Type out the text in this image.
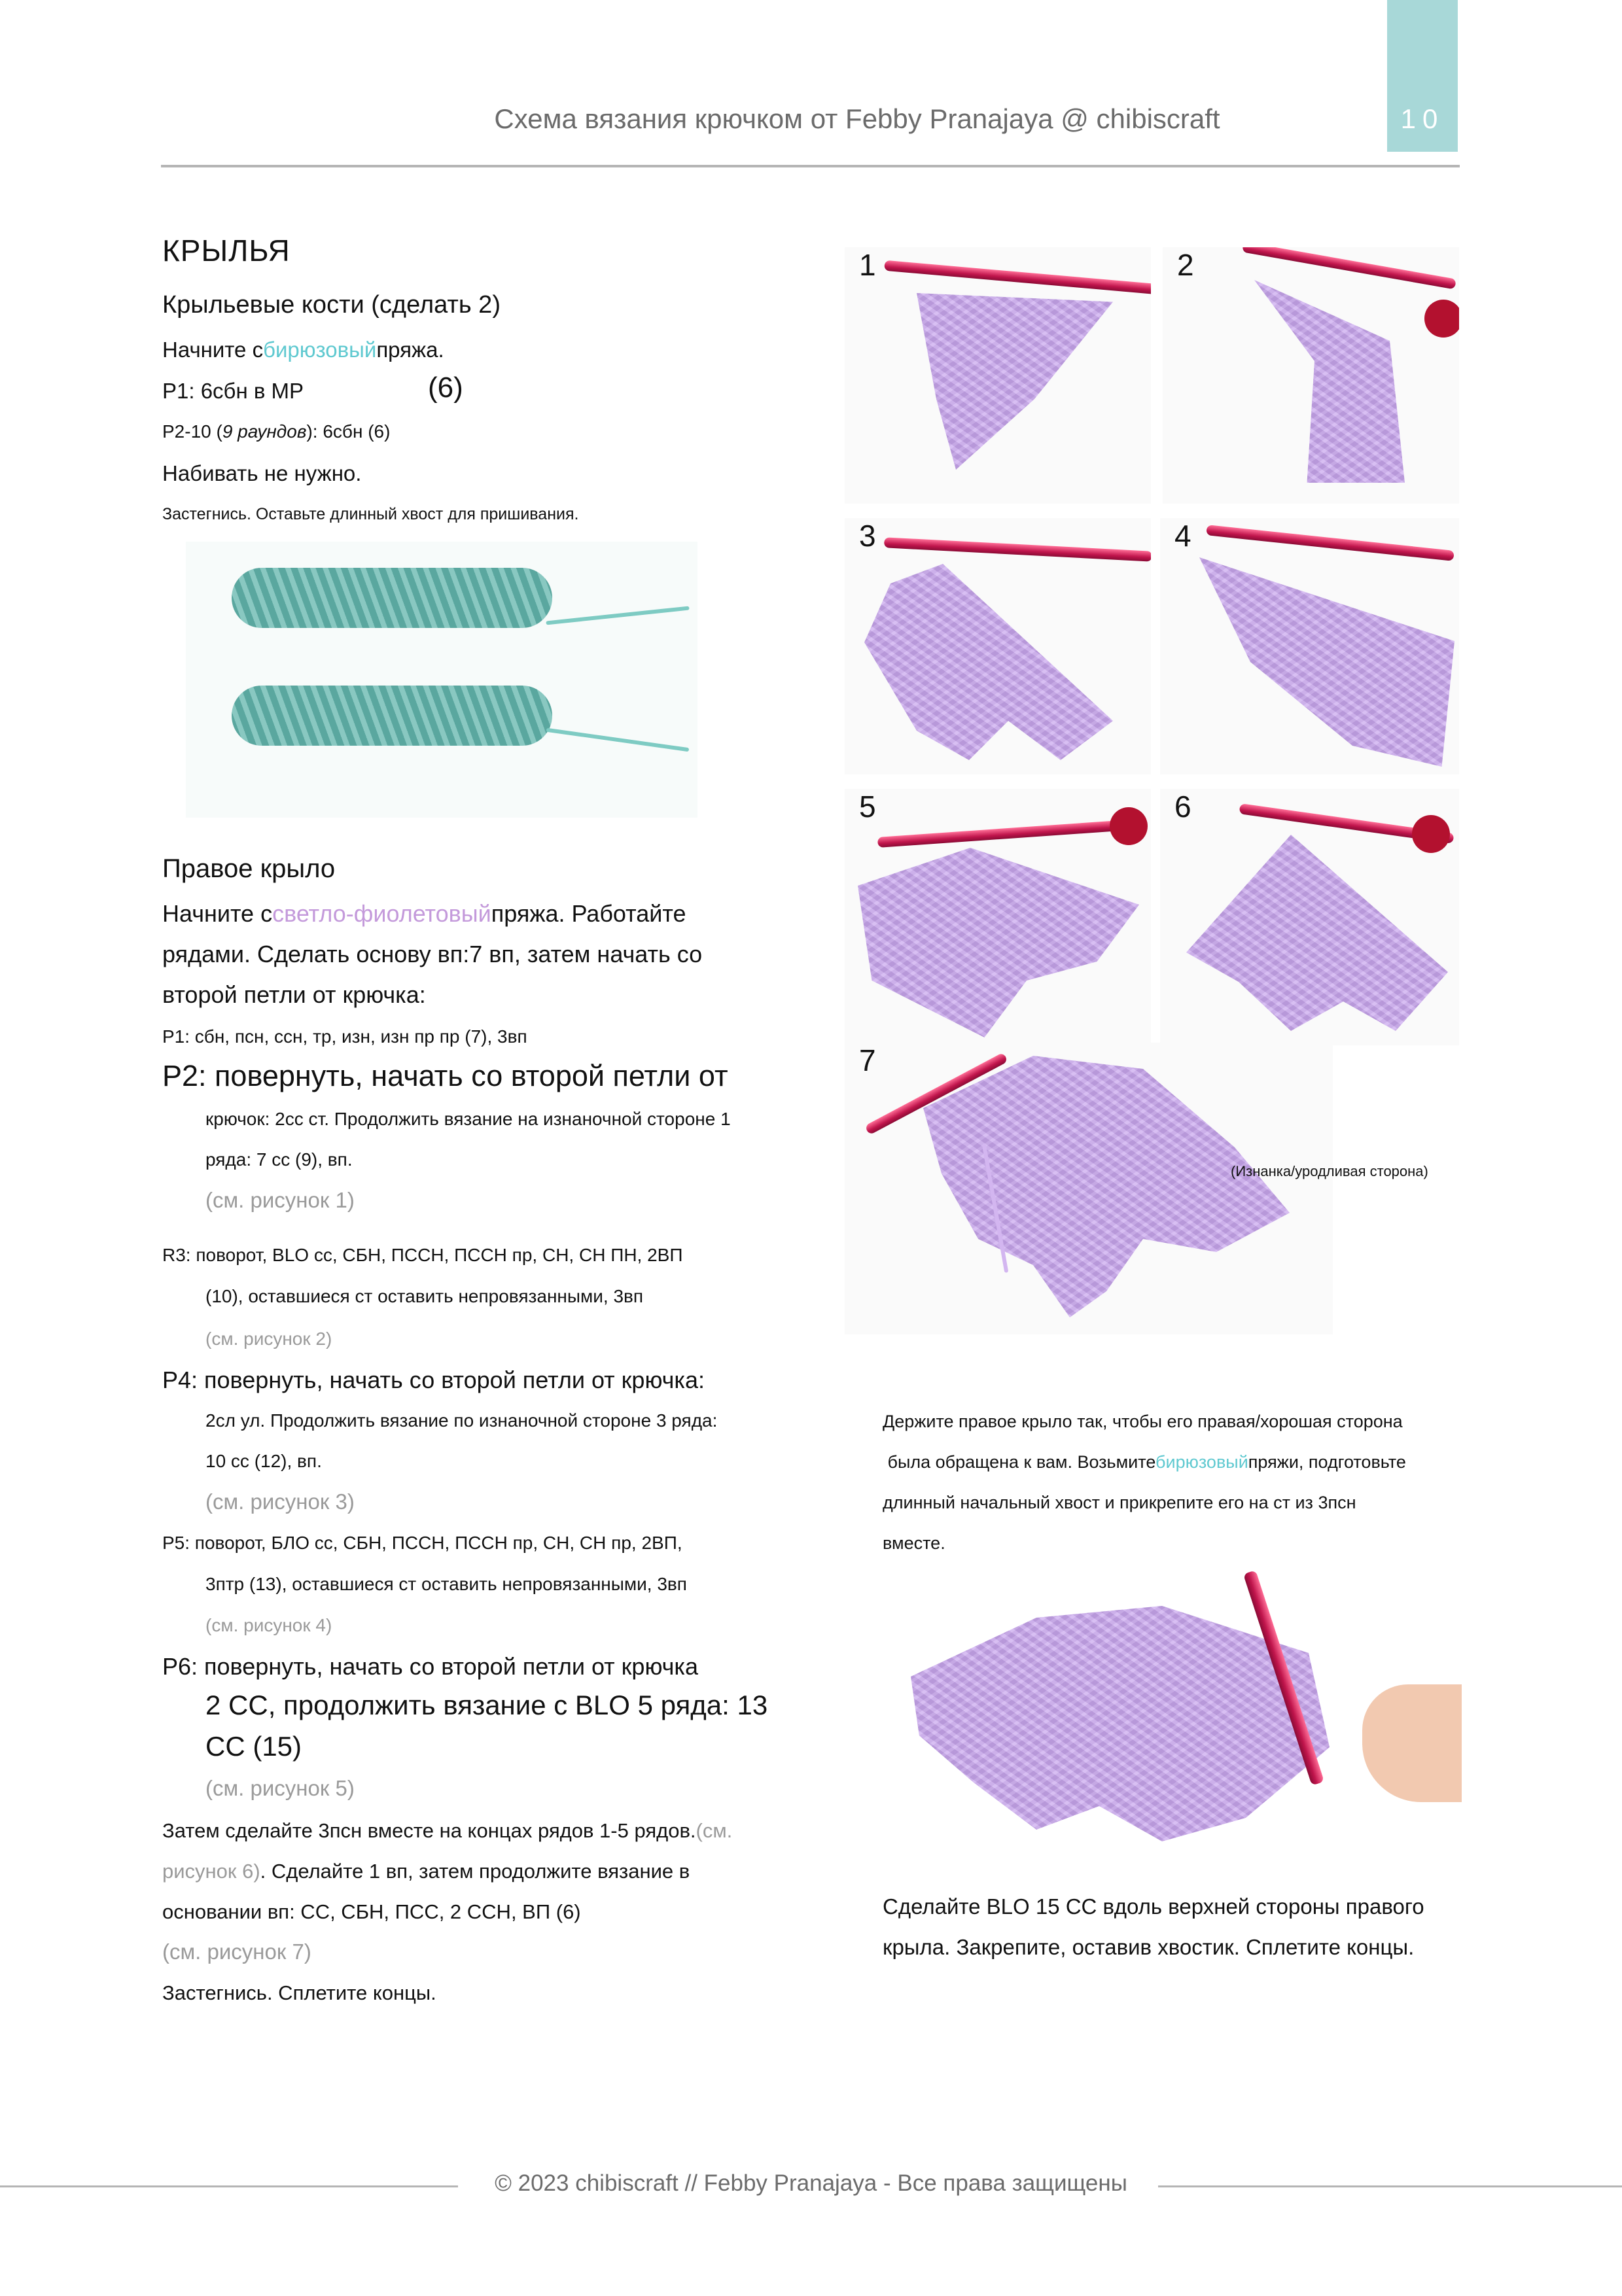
10
Схема вязания крючком от Febby Pranajaya @ chibiscraft
КРЫЛЬЯ
Крыльевые кости (сделать 2)
Начните сбирюзовыйпряжа.
Р1: 6сбн в МР	(6)
Р2-10 (9 раундов): 6сбн (6)
Набивать не нужно.
Застегнись. Оставьте длинный хвост для пришивания.
Правое крыло
Начните ссветло-фиолетовыйпряжа. Работайте
рядами. Сделать основу вп:7 вп, затем начать со
второй петли от крючка:
Р1: сбн, псн, ссн, тр, изн, изн пр пр (7), 3вп
Р2: повернуть, начать со второй петли от
крючок: 2сс ст. Продолжить вязание на изнаночной стороне 1
ряда: 7 сс (9), вп.
(см. рисунок 1)
R3: поворот, BLO сс, СБН, ПССН, ПССН пр, СН, СН ПН, 2ВП
(10), оставшиеся ст оставить непровязанными, 3вп
(см. рисунок 2)
Р4: повернуть, начать со второй петли от крючка:
2сл ул. Продолжить вязание по изнаночной стороне 3 ряда:
10 сс (12), вп.
(см. рисунок 3)
Р5: поворот, БЛО сс, СБН, ПССН, ПССН пр, СН, СН пр, 2ВП,
3птр (13), оставшиеся ст оставить непровязанными, 3вп
(см. рисунок 4)
Р6: повернуть, начать со второй петли от крючка
2 СС, продолжить вязание с BLO 5 ряда: 13
СС (15)
(см. рисунок 5)
Затем сделайте 3псн вместе на концах рядов 1-5 рядов.(см.
рисунок 6). Сделайте 1 вп, затем продолжите вязание в
основании вп: СС, СБН, ПСС, 2 ССН, ВП (6)
(см. рисунок 7)
Застегнись. Сплетите концы.
1	2
3	4
5	6
7
(Изнанка/уродливая сторона)
Держите правое крыло так, чтобы его правая/хорошая сторона
была обращена к вам. Возьмитебирюзовыйпряжи, подготовьте
длинный начальный хвост и прикрепите его на ст из 3псн
вместе.
Сделайте BLO 15 СС вдоль верхней стороны правого
крыла. Закрепите, оставив хвостик. Сплетите концы.
© 2023 chibiscraft // Febby Pranajaya - Все права защищены
